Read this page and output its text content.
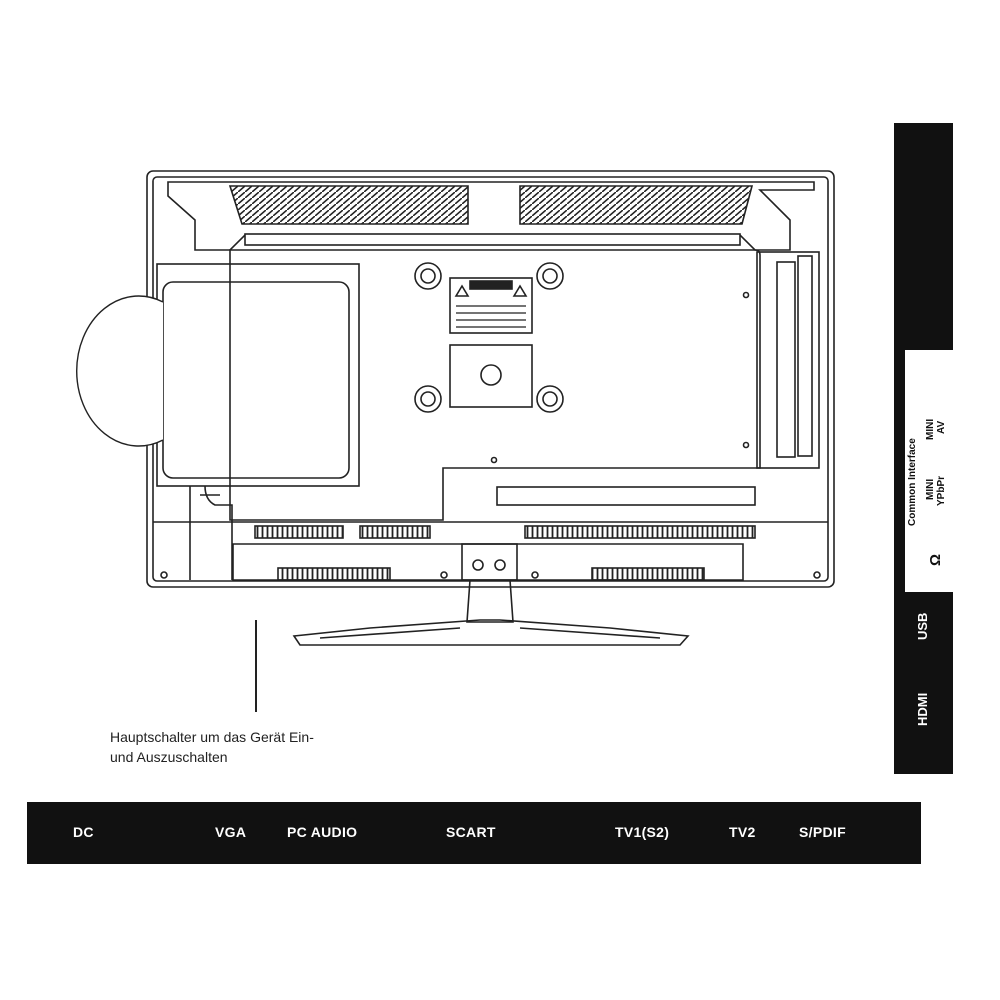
Hauptschalter um das Gerät Ein-
und Auszuschalten
DC	VGA	PC AUDIO	SCART	TV1(S2)	TV2	S/PDIF
Common Interface
MINI AV
MINI YPbPr
Ω
USB
HDMI
